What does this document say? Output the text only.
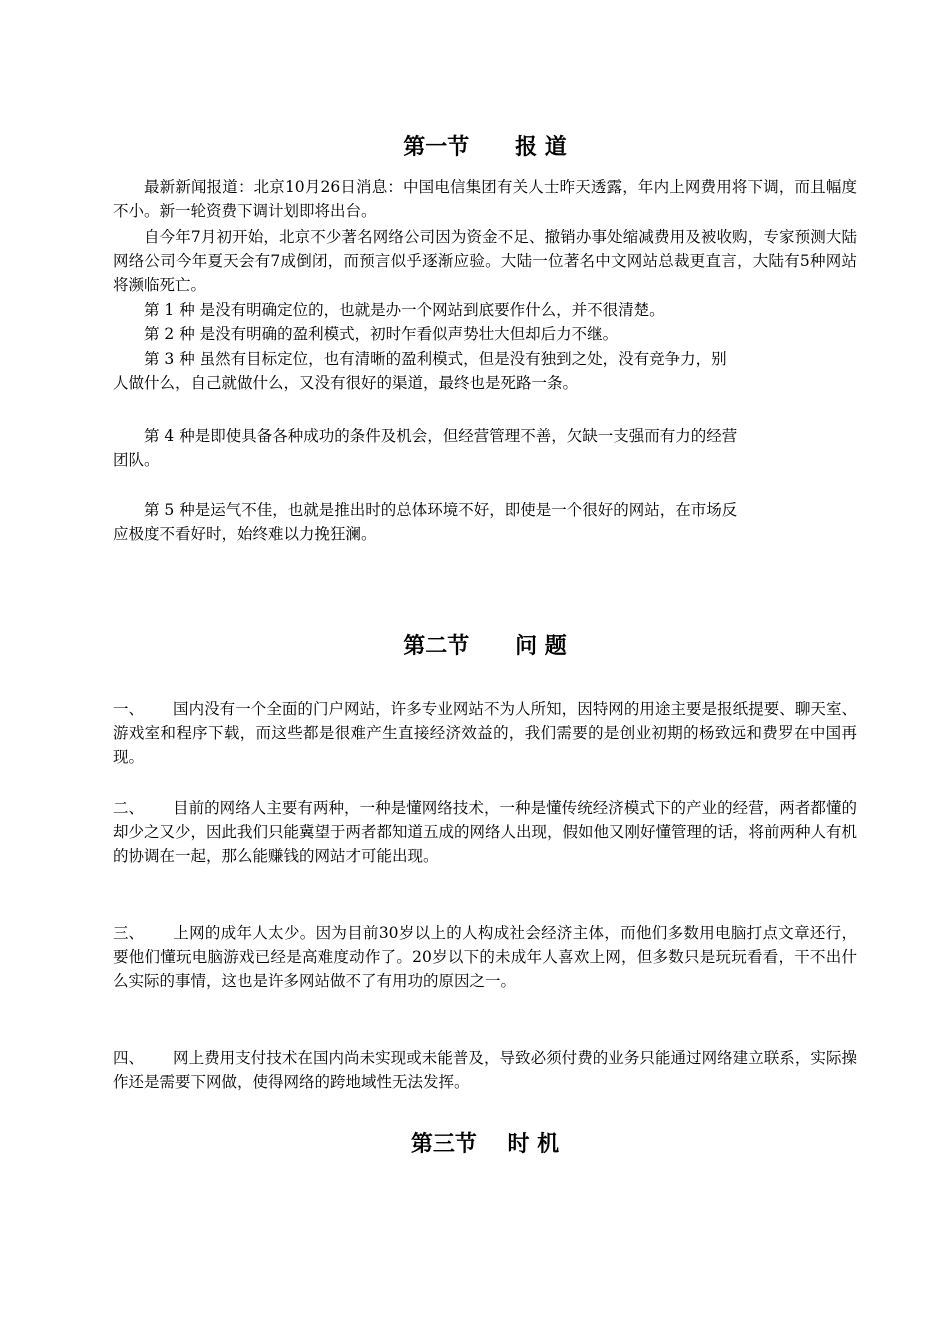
第一节      报 道
最新新闻报道：北京10月26日消息：中国电信集团有关人士昨天透露，年内上网费用将下调，而且幅度不小。新一轮资费下调计划即将出台。
自今年7月初开始，北京不少著名网络公司因为资金不足、撤销办事处缩减费用及被收购，专家预测大陆网络公司今年夏天会有7成倒闭，而预言似乎逐渐应验。大陆一位著名中文网站总裁更直言，大陆有5种网站将濒临死亡。
第 1 种 是没有明确定位的，也就是办一个网站到底要作什么，并不很清楚。
第 2 种 是没有明确的盈利模式，初时乍看似声势壮大但却后力不继。
第 3 种 虽然有目标定位，也有清晰的盈利模式，但是没有独到之处，没有竞争力，别
人做什么，自己就做什么，又没有很好的渠道，最终也是死路一条。
第 4 种是即使具备各种成功的条件及机会，但经营管理不善，欠缺一支强而有力的经营
团队。
第 5 种是运气不佳，也就是推出时的总体环境不好，即使是一个很好的网站，在市场反
应极度不看好时，始终难以力挽狂澜。
第二节      问 题
一、 国内没有一个全面的门户网站，许多专业网站不为人所知，因特网的用途主要是报纸提要、聊天室、游戏室和程序下载，而这些都是很难产生直接经济效益的，我们需要的是创业初期的杨致远和费罗在中国再现。
二、 目前的网络人主要有两种，一种是懂网络技术，一种是懂传统经济模式下的产业的经营，两者都懂的却少之又少，因此我们只能冀望于两者都知道五成的网络人出现，假如他又刚好懂管理的话，将前两种人有机的协调在一起，那么能赚钱的网站才可能出现。
三、 上网的成年人太少。因为目前30岁以上的人构成社会经济主体，而他们多数用电脑打点文章还行，要他们懂玩电脑游戏已经是高难度动作了。20岁以下的未成年人喜欢上网，但多数只是玩玩看看，干不出什么实际的事情，这也是许多网站做不了有用功的原因之一。
四、 网上费用支付技术在国内尚未实现或未能普及，导致必须付费的业务只能通过网络建立联系，实际操作还是需要下网做，使得网络的跨地域性无法发挥。
第三节    时 机
